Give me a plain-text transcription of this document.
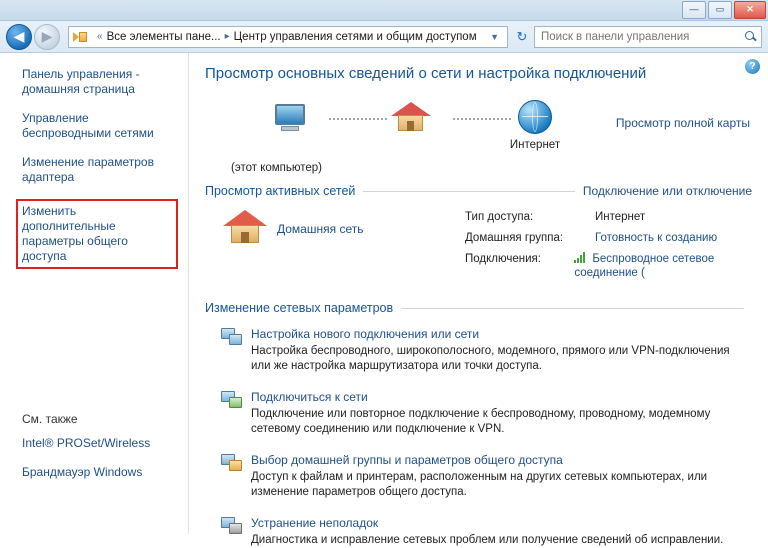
—	▭	✕
◀	▶	« Все элементы пане... ▸ Центр управления сетями и общим доступом	▼	↻
Поиск в панели управления
Панель управления - домашняя страница
Управление беспроводными сетями
Изменение параметров адаптера
Изменить дополнительные параметры общего доступа
См. также
Intel® PROSet/Wireless
Брандмауэр Windows
?
Просмотр основных сведений о сети и настройка подключений
Интернет
Просмотр полной карты
(этот компьютер)
Просмотр активных сетей	Подключение или отключение
Домашняя сеть
Тип доступа:	Интернет
Домашняя группа:	Готовность к созданию
Подключения:	Беспроводное сетевое соединение (
Изменение сетевых параметров
Настройка нового подключения или сети
Настройка беспроводного, широкополосного, модемного, прямого или VPN-подключения или же настройка маршрутизатора или точки доступа.
Подключиться к сети
Подключение или повторное подключение к беспроводному, проводному, модемному сетевому соединению или подключение к VPN.
Выбор домашней группы и параметров общего доступа
Доступ к файлам и принтерам, расположенным на других сетевых компьютерах, или изменение параметров общего доступа.
Устранение неполадок
Диагностика и исправление сетевых проблем или получение сведений об исправлении.
